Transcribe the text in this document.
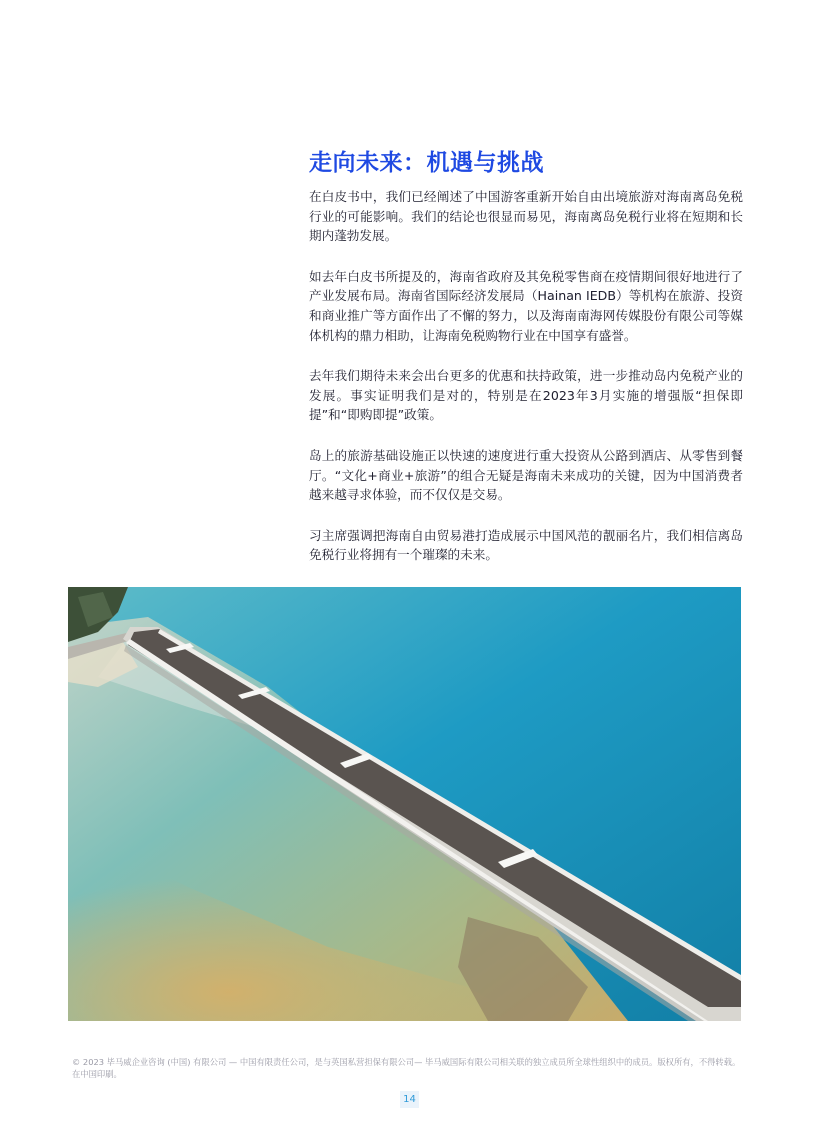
走向未来：机遇与挑战

在白皮书中，我们已经阐述了中国游客重新开始自由出境旅游对海南离岛免税行业的可能影响。我们的结论也很显而易见，海南离岛免税行业将在短期和长期内蓬勃发展。

如去年白皮书所提及的，海南省政府及其免税零售商在疫情期间很好地进行了产业发展布局。海南省国际经济发展局（Hainan IEDB）等机构在旅游、投资和商业推广等方面作出了不懈的努力，以及海南南海网传媒股份有限公司等媒体机构的鼎力相助，让海南免税购物行业在中国享有盛誉。

去年我们期待未来会出台更多的优惠和扶持政策，进一步推动岛内免税产业的发展。事实证明我们是对的，特别是在2023年3月实施的增强版“担保即提”和“即购即提”政策。

岛上的旅游基础设施正以快速的速度进行重大投资从公路到酒店、从零售到餐厅。“文化+商业+旅游”的组合无疑是海南未来成功的关键，因为中国消费者越来越寻求体验，而不仅仅是交易。

习主席强调把海南自由贸易港打造成展示中国风范的靓丽名片，我们相信离岛免税行业将拥有一个璀璨的未来。

© 2023 毕马威企业咨询 (中国) 有限公司 — 中国有限责任公司，是与英国私营担保有限公司— 毕马威国际有限公司相关联的独立成员所全球性组织中的成员。版权所有，不得转载。在中国印刷。
14
